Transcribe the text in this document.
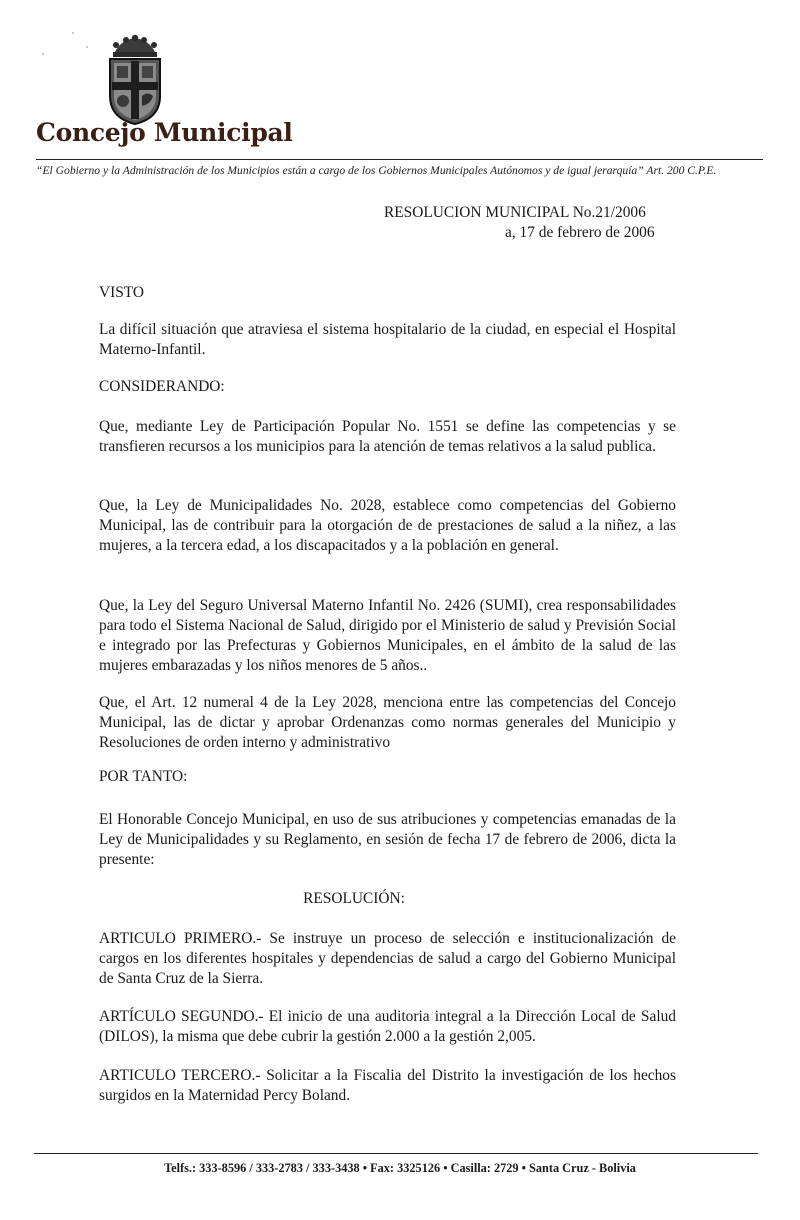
Concejo Municipal
“El Gobierno y la Administración de los Municipios están a cargo de los Gobiernos Municipales Autónomos y de igual jerarquía” Art. 200 C.P.E.
RESOLUCION MUNICIPAL No.21/2006
a, 17 de febrero de 2006
VISTO
La difícil situación que atraviesa el sistema hospitalario de la ciudad, en especial el Hospital Materno-Infantil.
CONSIDERANDO:
Que, mediante Ley de Participación Popular No. 1551 se define las competencias y se transfieren recursos a los municipios para la atención de temas relativos a la salud publica.
Que, la Ley de Municipalidades No. 2028, establece como competencias del Gobierno Municipal, las de contribuir para la otorgación de de prestaciones de salud a la niñez, a las mujeres, a la tercera edad, a los discapacitados y a la población en general.
Que, la Ley del Seguro Universal Materno Infantil No. 2426 (SUMI), crea responsabilidades para todo el Sistema Nacional de Salud, dirigido por el Ministerio de salud y Previsión Social e integrado por las Prefecturas y Gobiernos Municipales, en el ámbito de la salud de las mujeres embarazadas y los niños menores de 5 años..
Que, el Art. 12 numeral 4 de la Ley 2028, menciona entre las competencias del Concejo Municipal, las de dictar y aprobar Ordenanzas como normas generales del Municipio y Resoluciones de orden interno y administrativo
POR TANTO:
El Honorable Concejo Municipal, en uso de sus atribuciones y competencias emanadas de la Ley de Municipalidades y su Reglamento, en sesión de fecha 17 de febrero de 2006, dicta la presente:
RESOLUCIÓN:
ARTICULO PRIMERO.- Se instruye un proceso de selección e institucionalización de cargos en los diferentes hospitales y dependencias de salud a cargo del Gobierno Municipal de Santa Cruz de la Sierra.
ARTÍCULO SEGUNDO.- El inicio de una auditoria integral a la Dirección Local de Salud (DILOS), la misma que debe cubrir la gestión 2.000 a la gestión 2,005.
ARTICULO TERCERO.- Solicitar a la Fiscalia del Distrito la investigación de los hechos surgidos en la Maternidad Percy Boland.
Telfs.: 333-8596 / 333-2783 / 333-3438 • Fax: 3325126 • Casilla: 2729 • Santa Cruz - Bolivia
